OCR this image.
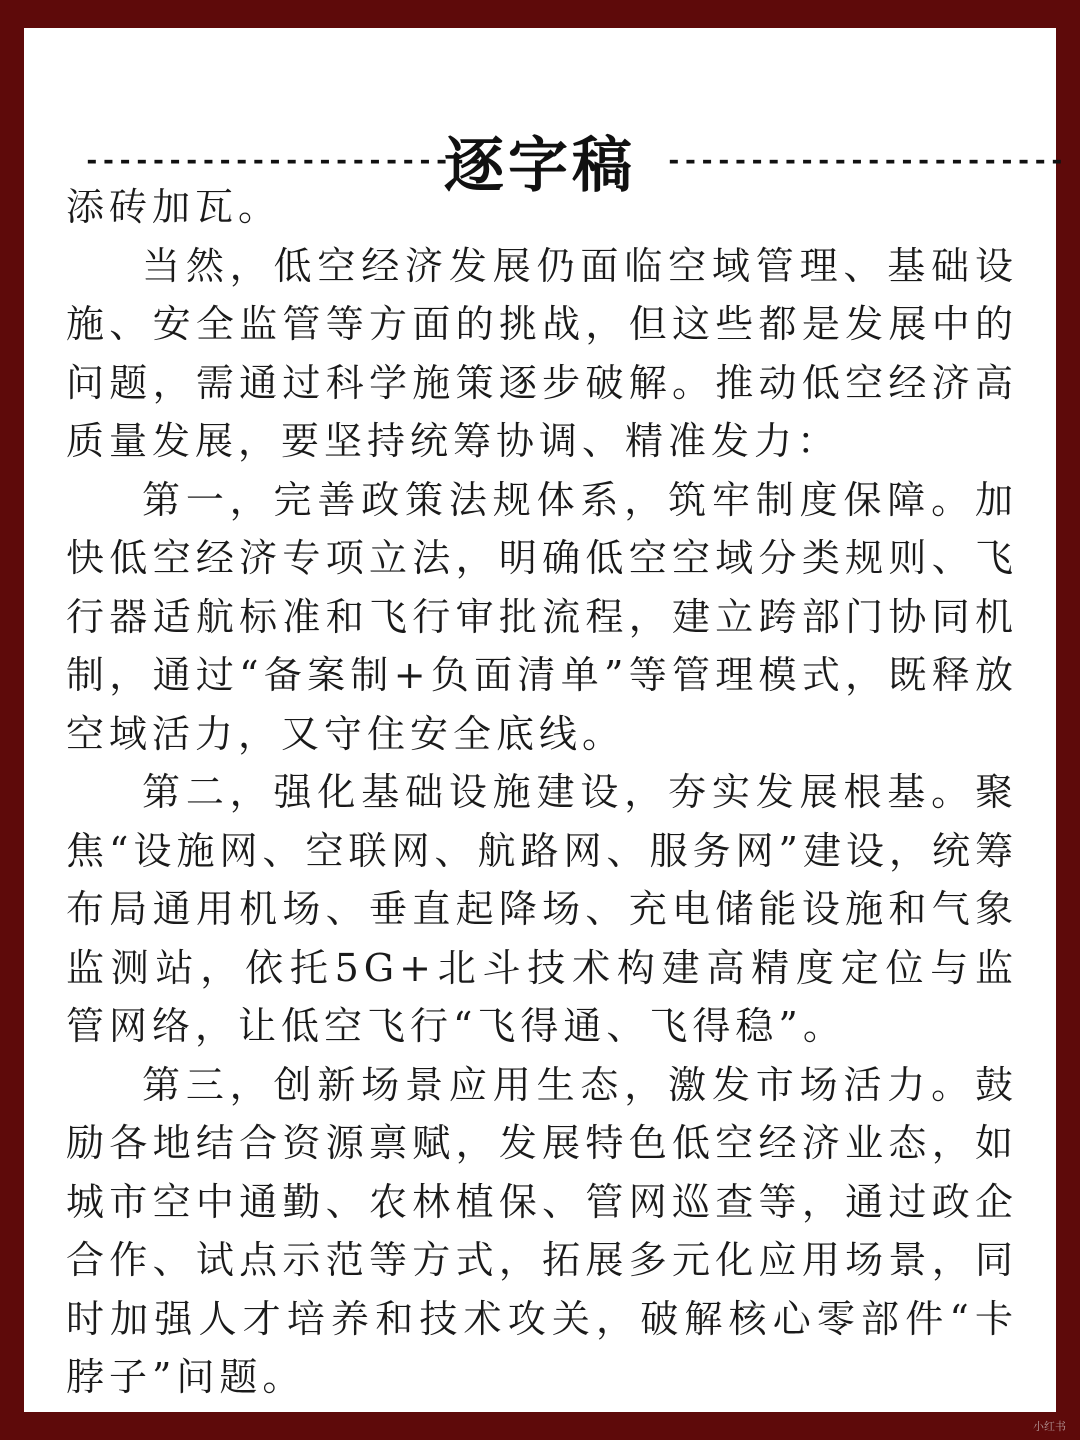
------------------------
逐字稿 ------------------------

添砖加瓦。

当然，低空经济发展仍面临空域管理、基础设施、安全监管等方面的挑战，但这些都是发展中的问题，需通过科学施策逐步破解。推动低空经济高质量发展，要坚持统筹协调、精准发力：

第一，完善政策法规体系，筑牢制度保障。加快低空经济专项立法，明确低空空域分类规则、飞行器适航标准和飞行审批流程，建立跨部门协同机制，通过“备案制+负面清单”等管理模式，既释放空域活力，又守住安全底线。

第二，强化基础设施建设，夯实发展根基。聚焦“设施网、空联网、航路网、服务网”建设，统筹布局通用机场、垂直起降场、充电储能设施和气象监测站，依托5G+北斗技术构建高精度定位与监管网络，让低空飞行“飞得通、飞得稳”。

第三，创新场景应用生态，激发市场活力。鼓励各地结合资源禀赋，发展特色低空经济业态，如城市空中通勤、农林植保、管网巡查等，通过政企合作、试点示范等方式，拓展多元化应用场景，同时加强人才培养和技术攻关，破解核心零部件“卡脖子”问题。

小红书
